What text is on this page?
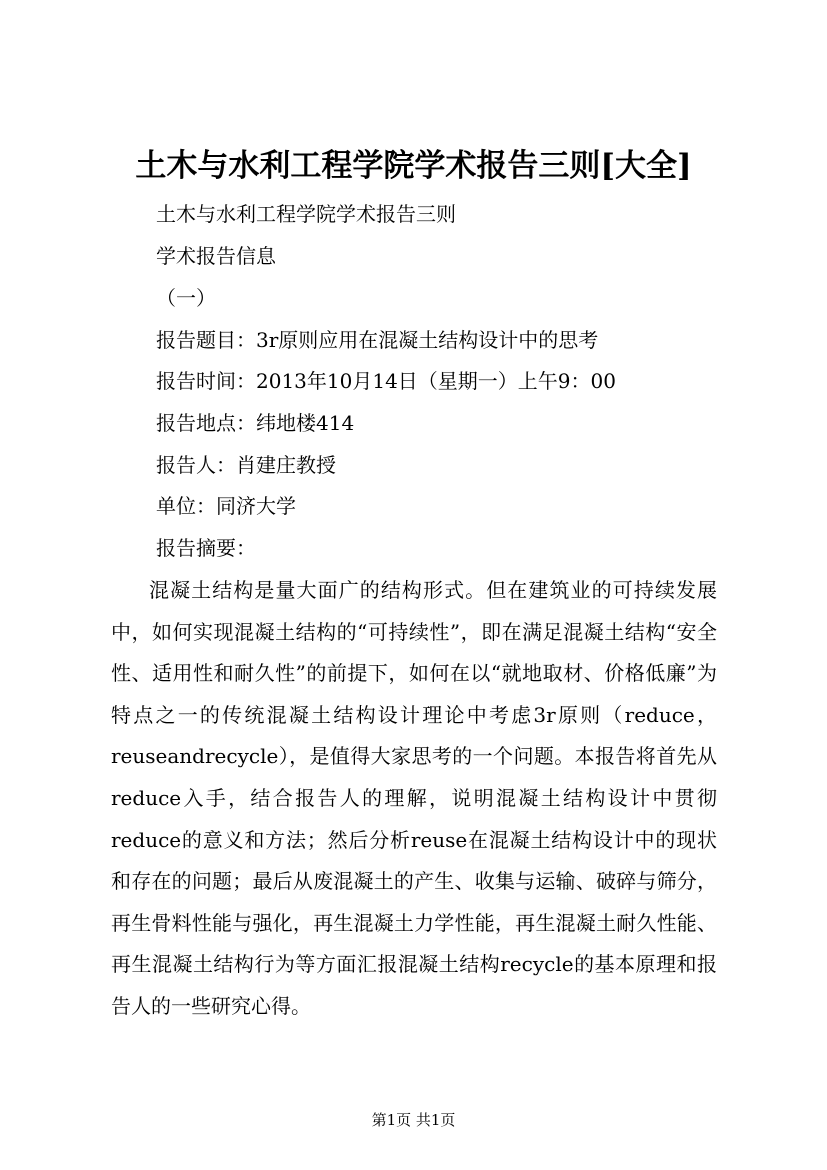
土木与水利工程学院学术报告三则[大全]
土木与水利工程学院学术报告三则
学术报告信息
（一）
报告题目：3r原则应用在混凝土结构设计中的思考
报告时间：2013年10月14日（星期一）上午9：00
报告地点：纬地楼414
报告人：肖建庄教授
单位：同济大学
报告摘要：
混凝土结构是量大面广的结构形式。但在建筑业的可持续发展中，如何实现混凝土结构的“可持续性”，即在满足混凝土结构“安全性、适用性和耐久性”的前提下，如何在以“就地取材、价格低廉”为特点之一的传统混凝土结构设计理论中考虑3r原则（reduce，reuseandrecycle），是值得大家思考的一个问题。本报告将首先从reduce入手，结合报告人的理解，说明混凝土结构设计中贯彻reduce的意义和方法；然后分析reuse在混凝土结构设计中的现状和存在的问题；最后从废混凝土的产生、收集与运输、破碎与筛分，再生骨料性能与强化，再生混凝土力学性能，再生混凝土耐久性能、再生混凝土结构行为等方面汇报混凝土结构recycle的基本原理和报告人的一些研究心得。
第1页 共1页
